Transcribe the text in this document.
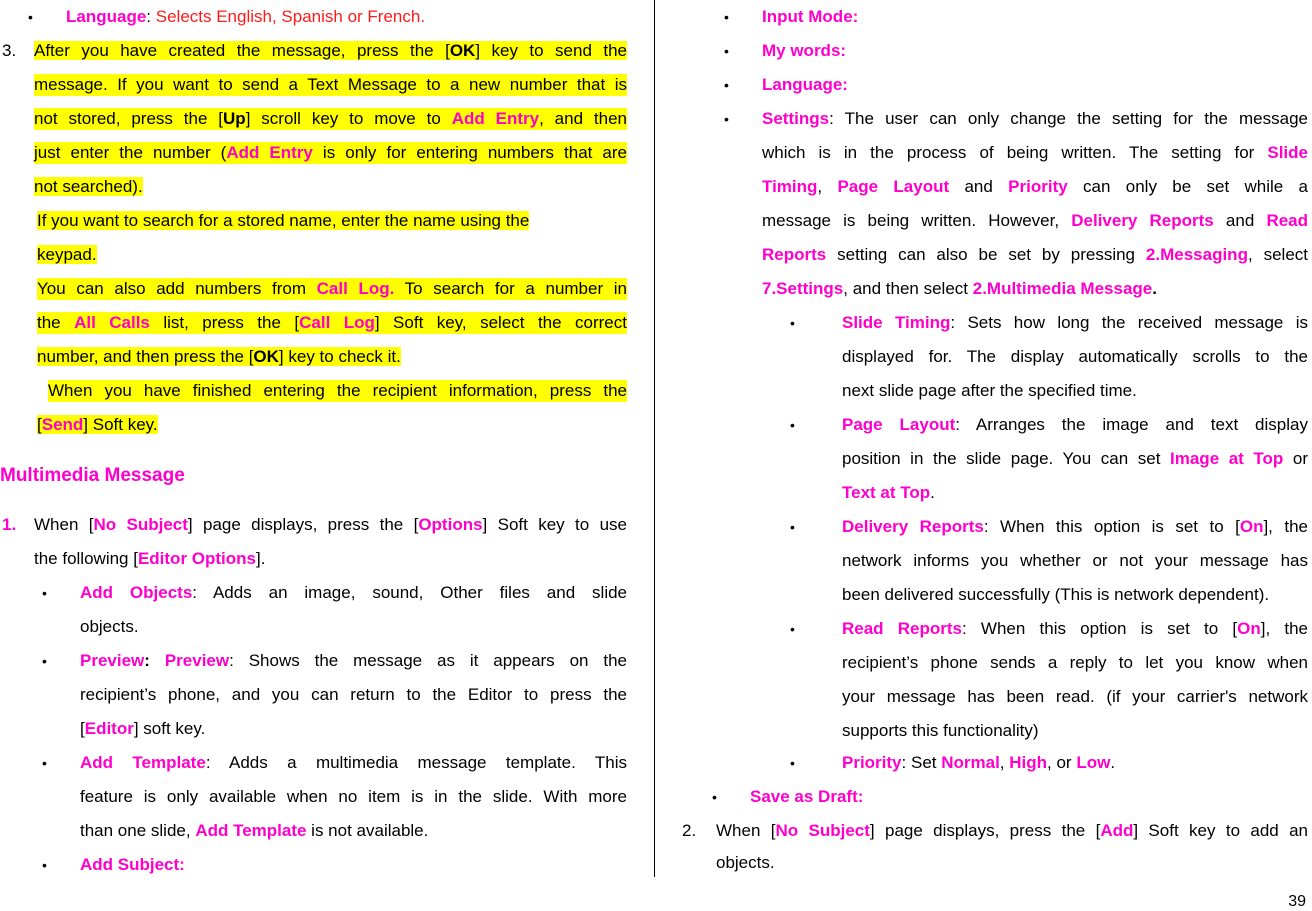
• Language: Selects English, Spanish or French.
3. After you have created the message, press the [OK] key to send the
message. If you want to send a Text Message to a new number that is
not stored, press the [Up] scroll key to move to Add Entry, and then
just enter the number (Add Entry is only for entering numbers that are
not searched).
If you want to search for a stored name, enter the name using the
keypad.
You can also add numbers from Call Log. To search for a number in
the All Calls list, press the [Call Log] Soft key, select the correct
number, and then press the [OK] key to check it.
When you have finished entering the recipient information, press the
[Send] Soft key.
Multimedia Message
1. When [No Subject] page displays, press the [Options] Soft key to use
the following [Editor Options].
• Add Objects: Adds an image, sound, Other files and slide
objects.
• Preview: Preview: Shows the message as it appears on the
recipient’s phone, and you can return to the Editor to press the
[Editor] soft key.
• Add Template: Adds a multimedia message template. This
feature is only available when no item is in the slide. With more
than one slide, Add Template is not available.
• Add Subject:
• Input Mode:
• My words:
• Language:
• Settings: The user can only change the setting for the message
which is in the process of being written. The setting for Slide
Timing, Page Layout and Priority can only be set while a
message is being written. However, Delivery Reports and Read
Reports setting can also be set by pressing 2.Messaging, select
7.Settings, and then select 2.Multimedia Message.
•	Slide Timing: Sets how long the received message is
displayed for. The display automatically scrolls to the
next slide page after the specified time.
•	Page Layout: Arranges the image and text display
position in the slide page. You can set Image at Top or
Text at Top.
•	Delivery Reports: When this option is set to [On], the
network informs you whether or not your message has
been delivered successfully (This is network dependent).
•	Read Reports: When this option is set to [On], the
recipient’s phone sends a reply to let you know when
your message has been read. (if your carrier's network
supports this functionality)
•	Priority: Set Normal, High, or Low.
• Save as Draft:
2. When [No Subject] page displays, press the [Add] Soft key to add an
objects.
39
